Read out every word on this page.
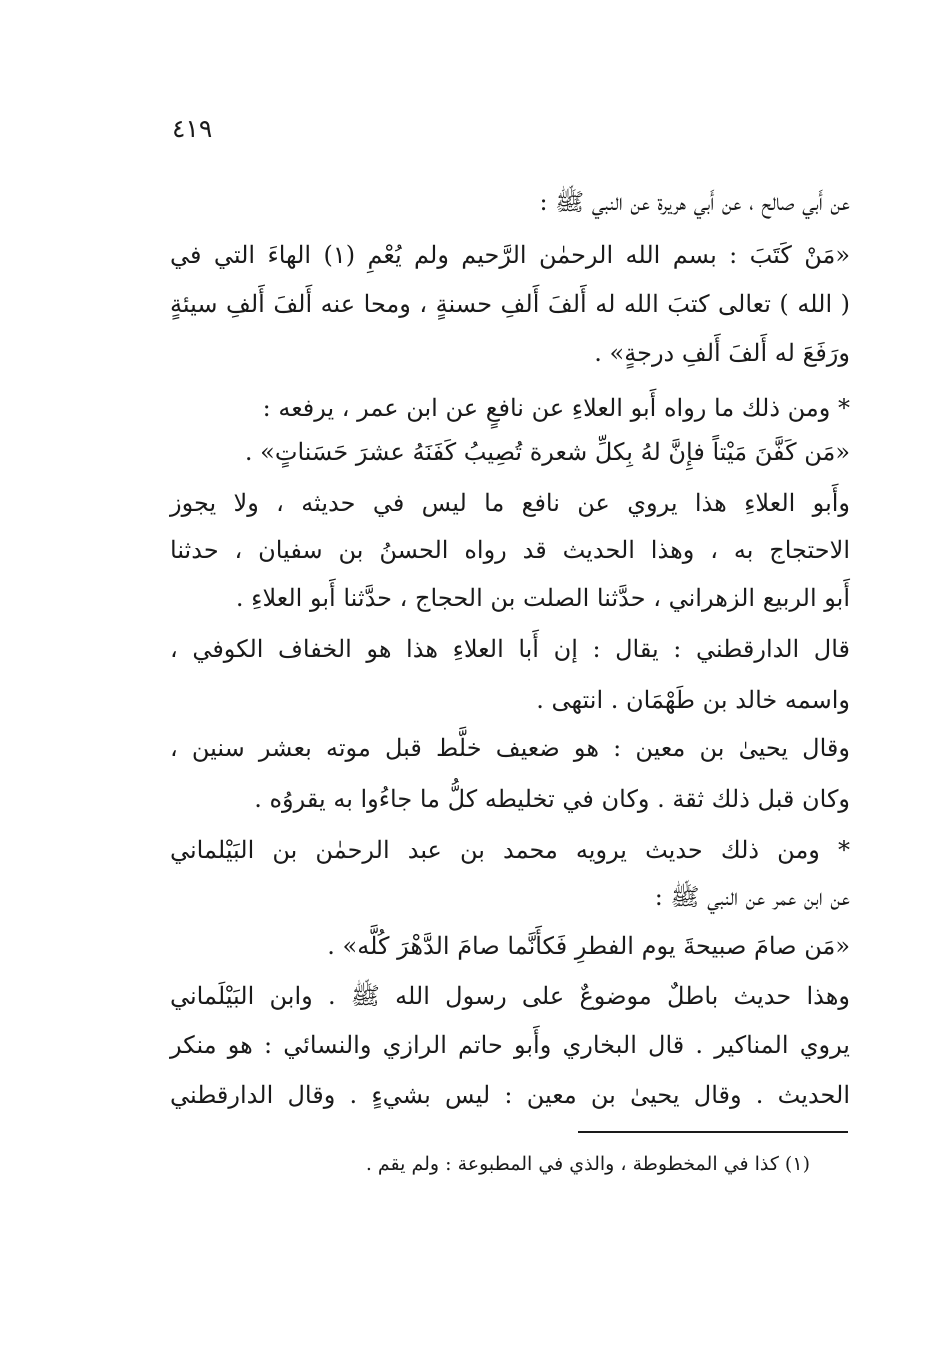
٤١٩
عن أَبي صالح ، عن أَبي هريرة عن النبي ﷺ :
«مَنْ كَتَبَ : بسم الله الرحمٰن الرَّحيم ولم يُعْمِ (١) الهاءَ التي في
( الله ) تعالى كتبَ الله له أَلفَ أَلفِ حسنةٍ ، ومحا عنه أَلفَ أَلفِ سيئةٍ
ورَفَعَ له أَلفَ أَلفِ درجةٍ» .
* ومن ذلك ما رواه أَبو العلاءِ عن نافعٍ عن ابن عمر ، يرفعه :
«مَن كَفَّنَ مَيْتاً فإِنَّ لهُ بِكلِّ شعرة تُصِيبُ كَفَنَهُ عشرَ حَسَناتٍ» .
وأَبو العلاءِ هذا يروي عن نافع ما ليس في حديثه ، ولا يجوز
الاحتجاج به ، وهذا الحديث قد رواه الحسنُ بن سفيان ، حدثنا
أَبو الربيع الزهراني ، حدَّثنا الصلت بن الحجاج ، حدَّثنا أَبو العلاءِ .
قال الدارقطني : يقال : إن أَبا العلاءِ هذا هو الخفاف الكوفي ،
واسمه خالد بن طَهْمَان . انتهى .
وقال يحيىٰ بن معين : هو ضعيف خلَّط قبل موته بعشر سنين ،
وكان قبل ذلك ثقة . وكان في تخليطه كلُّ ما جاءُوا به يقروُه .
* ومن ذلك حديث يرويه محمد بن عبد الرحمٰن بن البَيْلماني
عن ابن عمر عن النبي ﷺ :
«مَن صامَ صبيحةَ يوم الفطرِ فَكأَنَّما صامَ الدَّهْرَ كُلَّه» .
وهذا حديث باطلٌ موضوعٌ على رسول الله ﷺ . وابن البَيْلَماني
يروي المناكير . قال البخاري وأَبو حاتم الرازي والنسائي : هو منكر
الحديث . وقال يحيىٰ بن معين : ليس بشيءٍ . وقال الدارقطني
(١) كذا في المخطوطة ، والذي في المطبوعة : ولم يقم .
